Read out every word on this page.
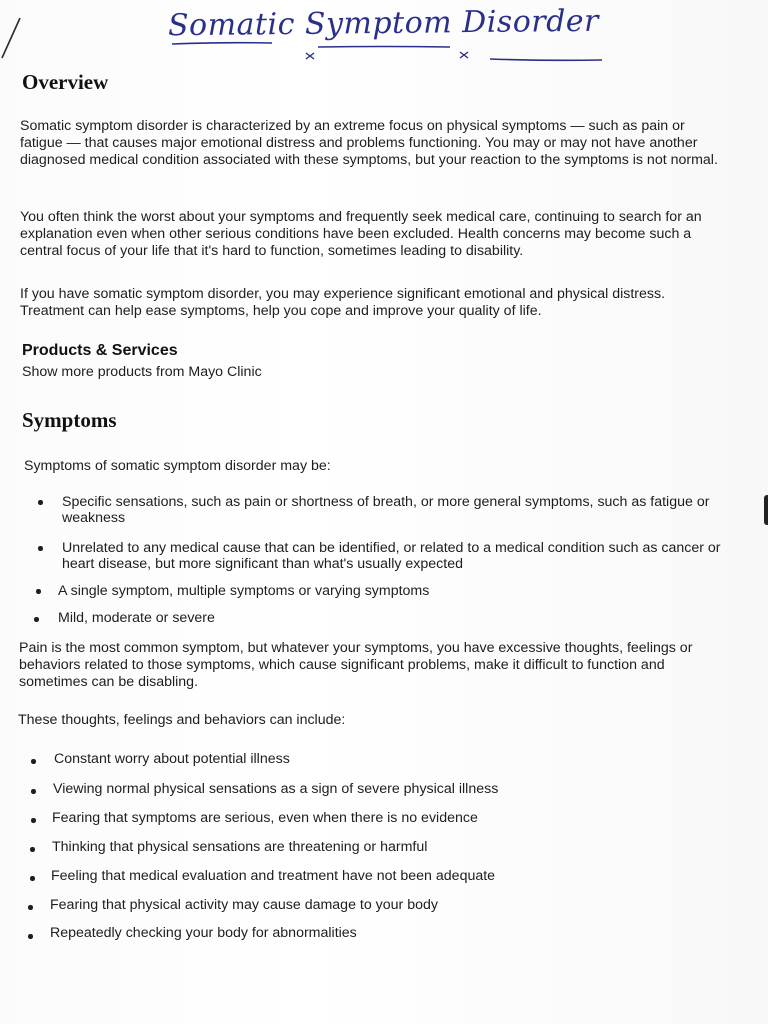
Somatic Symptom Disorder
Overview

Somatic symptom disorder is characterized by an extreme focus on physical symptoms — such as pain or fatigue — that causes major emotional distress and problems functioning. You may or may not have another diagnosed medical condition associated with these symptoms, but your reaction to the symptoms is not normal.

You often think the worst about your symptoms and frequently seek medical care, continuing to search for an explanation even when other serious conditions have been excluded. Health concerns may become such a central focus of your life that it's hard to function, sometimes leading to disability.

If you have somatic symptom disorder, you may experience significant emotional and physical distress. Treatment can help ease symptoms, help you cope and improve your quality of life.

Products & Services
Show more products from Mayo Clinic
Symptoms
Symptoms of somatic symptom disorder may be:
Specific sensations, such as pain or shortness of breath, or more general symptoms, such as fatigue or weakness
Unrelated to any medical cause that can be identified, or related to a medical condition such as cancer or heart disease, but more significant than what's usually expected
A single symptom, multiple symptoms or varying symptoms
Mild, moderate or severe

Pain is the most common symptom, but whatever your symptoms, you have excessive thoughts, feelings or behaviors related to those symptoms, which cause significant problems, make it difficult to function and sometimes can be disabling.

These thoughts, feelings and behaviors can include:
Constant worry about potential illness
Viewing normal physical sensations as a sign of severe physical illness
Fearing that symptoms are serious, even when there is no evidence
Thinking that physical sensations are threatening or harmful
Feeling that medical evaluation and treatment have not been adequate
Fearing that physical activity may cause damage to your body
Repeatedly checking your body for abnormalities
